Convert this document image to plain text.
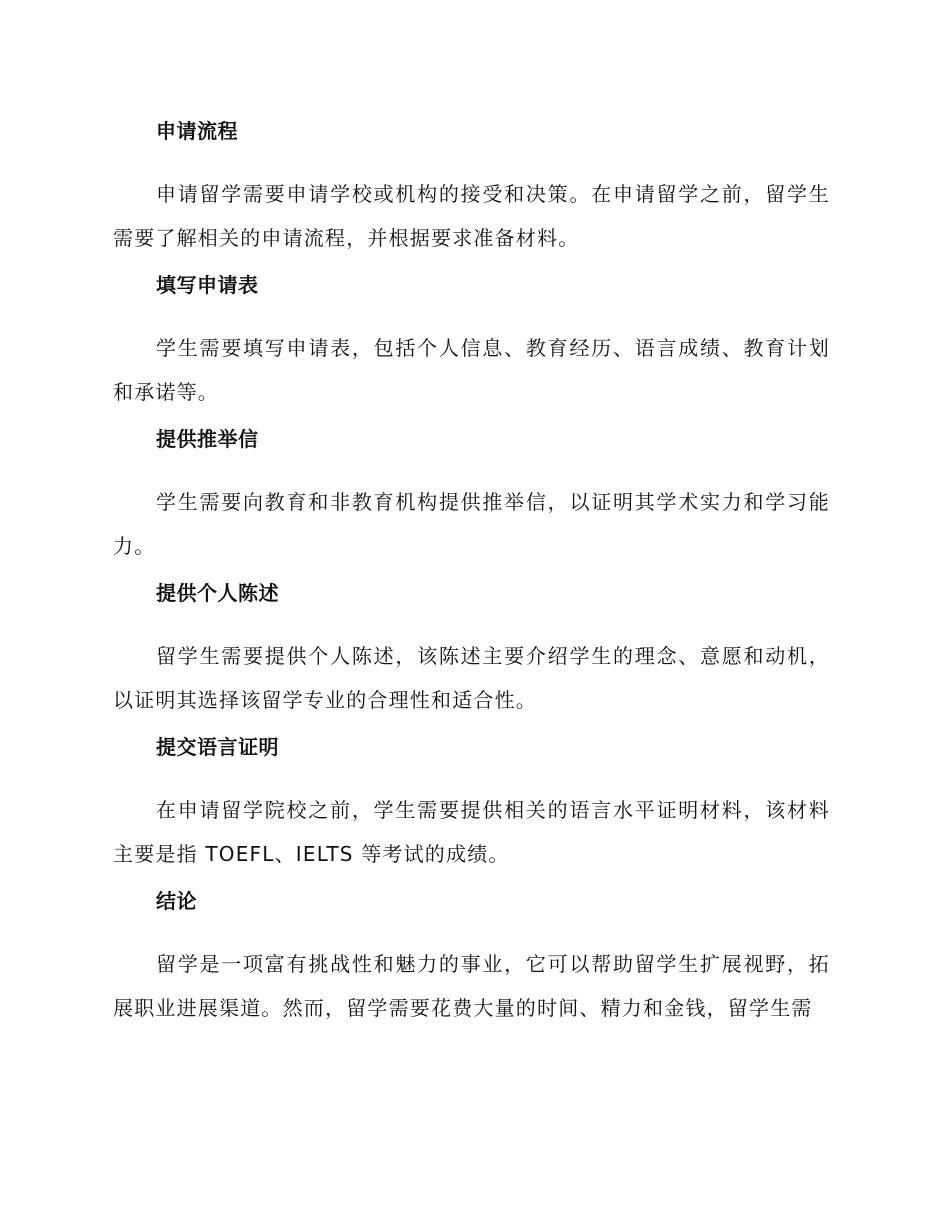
申请流程

申请留学需要申请学校或机构的接受和决策。在申请留学之前，留学生需要了解相关的申请流程，并根据要求准备材料。

填写申请表

学生需要填写申请表，包括个人信息、教育经历、语言成绩、教育计划和承诺等。

提供推举信

学生需要向教育和非教育机构提供推举信，以证明其学术实力和学习能力。

提供个人陈述

留学生需要提供个人陈述，该陈述主要介绍学生的理念、意愿和动机，以证明其选择该留学专业的合理性和适合性。

提交语言证明

在申请留学院校之前，学生需要提供相关的语言水平证明材料，该材料主要是指 TOEFL、IELTS 等考试的成绩。

结论

留学是一项富有挑战性和魅力的事业，它可以帮助留学生扩展视野，拓展职业进展渠道。然而，留学需要花费大量的时间、精力和金钱，留学生需
